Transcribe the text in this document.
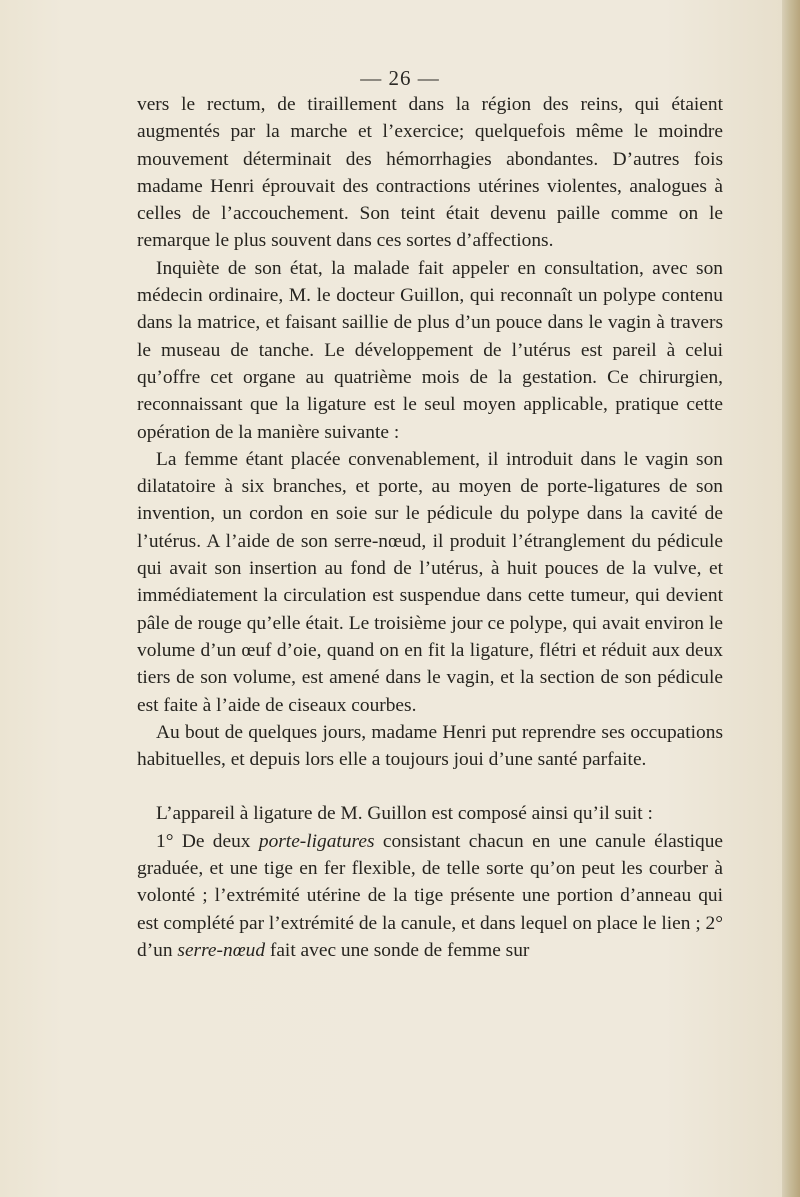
— 26 —

vers le rectum, de tiraillement dans la région des reins, qui étaient augmentés par la marche et l’exercice; quelquefois même le moindre mouvement déterminait des hémorrhagies abondantes. D’autres fois madame Henri éprouvait des contractions utérines violentes, analogues à celles de l’accouchement. Son teint était devenu paille comme on le remarque le plus souvent dans ces sortes d’affections.

Inquiète de son état, la malade fait appeler en consultation, avec son médecin ordinaire, M. le docteur Guillon, qui reconnaît un polype contenu dans la matrice, et faisant saillie de plus d’un pouce dans le vagin à travers le museau de tanche. Le développement de l’utérus est pareil à celui qu’offre cet organe au quatrième mois de la gestation. Ce chirurgien, reconnaissant que la ligature est le seul moyen applicable, pratique cette opération de la manière suivante :

La femme étant placée convenablement, il introduit dans le vagin son dilatatoire à six branches, et porte, au moyen de porte-ligatures de son invention, un cordon en soie sur le pédicule du polype dans la cavité de l’utérus. A l’aide de son serre-nœud, il produit l’étranglement du pédicule qui avait son insertion au fond de l’utérus, à huit pouces de la vulve, et immédiatement la circulation est suspendue dans cette tumeur, qui devient pâle de rouge qu’elle était. Le troisième jour ce polype, qui avait environ le volume d’un œuf d’oie, quand on en fit la ligature, flétri et réduit aux deux tiers de son volume, est amené dans le vagin, et la section de son pédicule est faite à l’aide de ciseaux courbes.

Au bout de quelques jours, madame Henri put reprendre ses occupations habituelles, et depuis lors elle a toujours joui d’une santé parfaite.

L’appareil à ligature de M. Guillon est composé ainsi qu’il suit :

1° De deux porte-ligatures consistant chacun en une canule élastique graduée, et une tige en fer flexible, de telle sorte qu’on peut les courber à volonté ; l’extrémité utérine de la tige présente une portion d’anneau qui est complété par l’extrémité de la canule, et dans lequel on place le lien ; 2° d’un serre-nœud fait avec une sonde de femme sur
